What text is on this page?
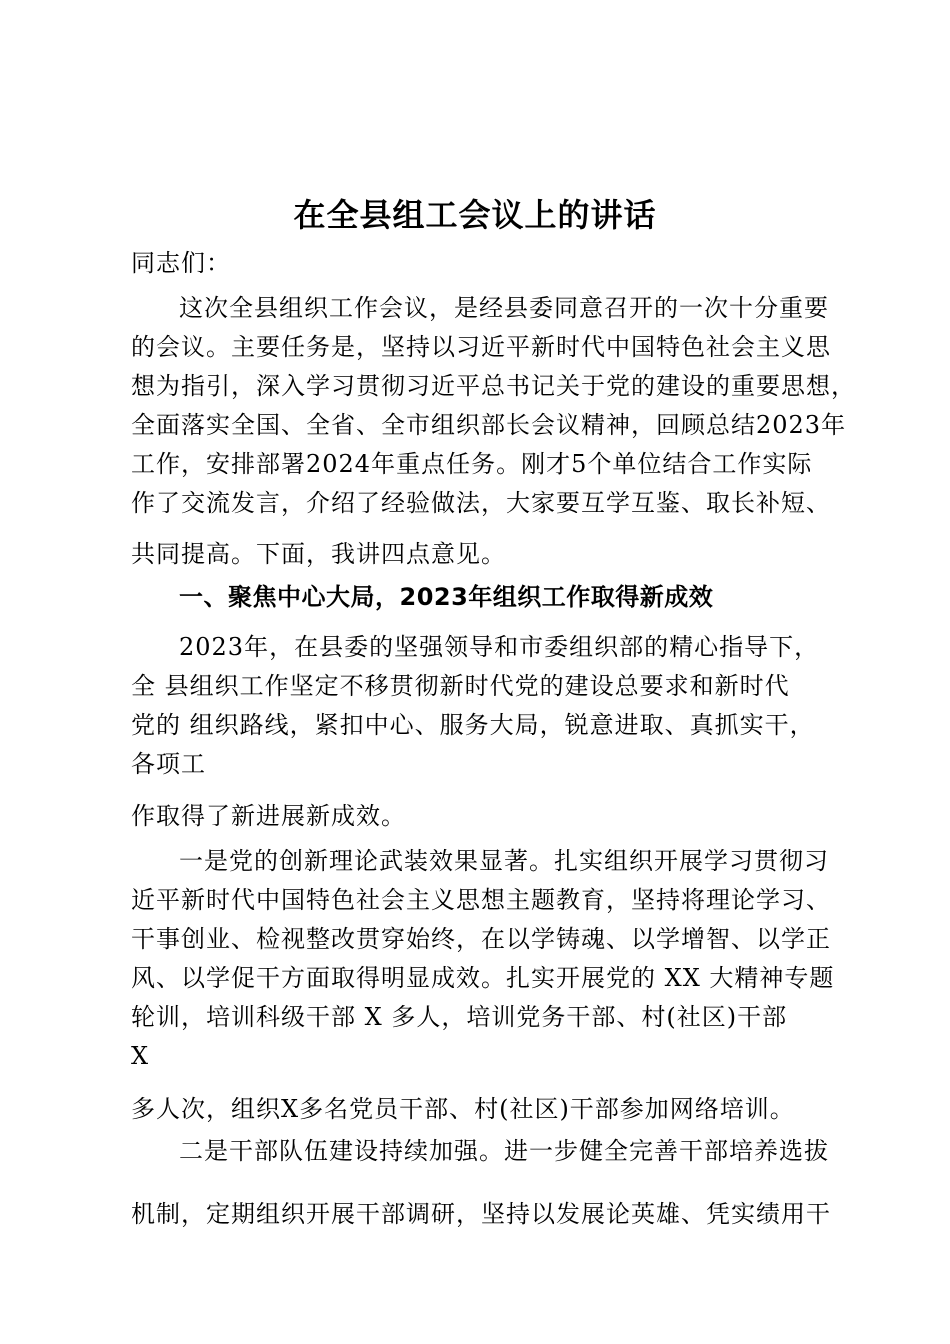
在全县组工会议上的讲话
同志们：
这次全县组织工作会议，是经县委同意召开的一次十分重要
的会议。主要任务是，坚持以习近平新时代中国特色社会主义思
想为指引，深入学习贯彻习近平总书记关于党的建设的重要思想，
全面落实全国、全省、全市组织部长会议精神，回顾总结2023年
工作，安排部署2024年重点任务。刚才5个单位结合工作实际
作了交流发言，介绍了经验做法，大家要互学互鉴、取长补短、
共同提高。下面，我讲四点意见。
一、聚焦中心大局，2023年组织工作取得新成效
2023年，在县委的坚强领导和市委组织部的精心指导下，
全 县组织工作坚定不移贯彻新时代党的建设总要求和新时代
党的 组织路线，紧扣中心、服务大局，锐意进取、真抓实干，
各项工
作取得了新进展新成效。
一是党的创新理论武装效果显著。扎实组织开展学习贯彻习
近平新时代中国特色社会主义思想主题教育，坚持将理论学习、
干事创业、检视整改贯穿始终，在以学铸魂、以学增智、以学正
风、以学促干方面取得明显成效。扎实开展党的 XX 大精神专题
轮训，培训科级干部 X 多人，培训党务干部、村(社区)干部
X
多人次，组织X多名党员干部、村(社区)干部参加网络培训。
二是干部队伍建设持续加强。进一步健全完善干部培养选拔
机制，定期组织开展干部调研，坚持以发展论英雄、凭实绩用干
